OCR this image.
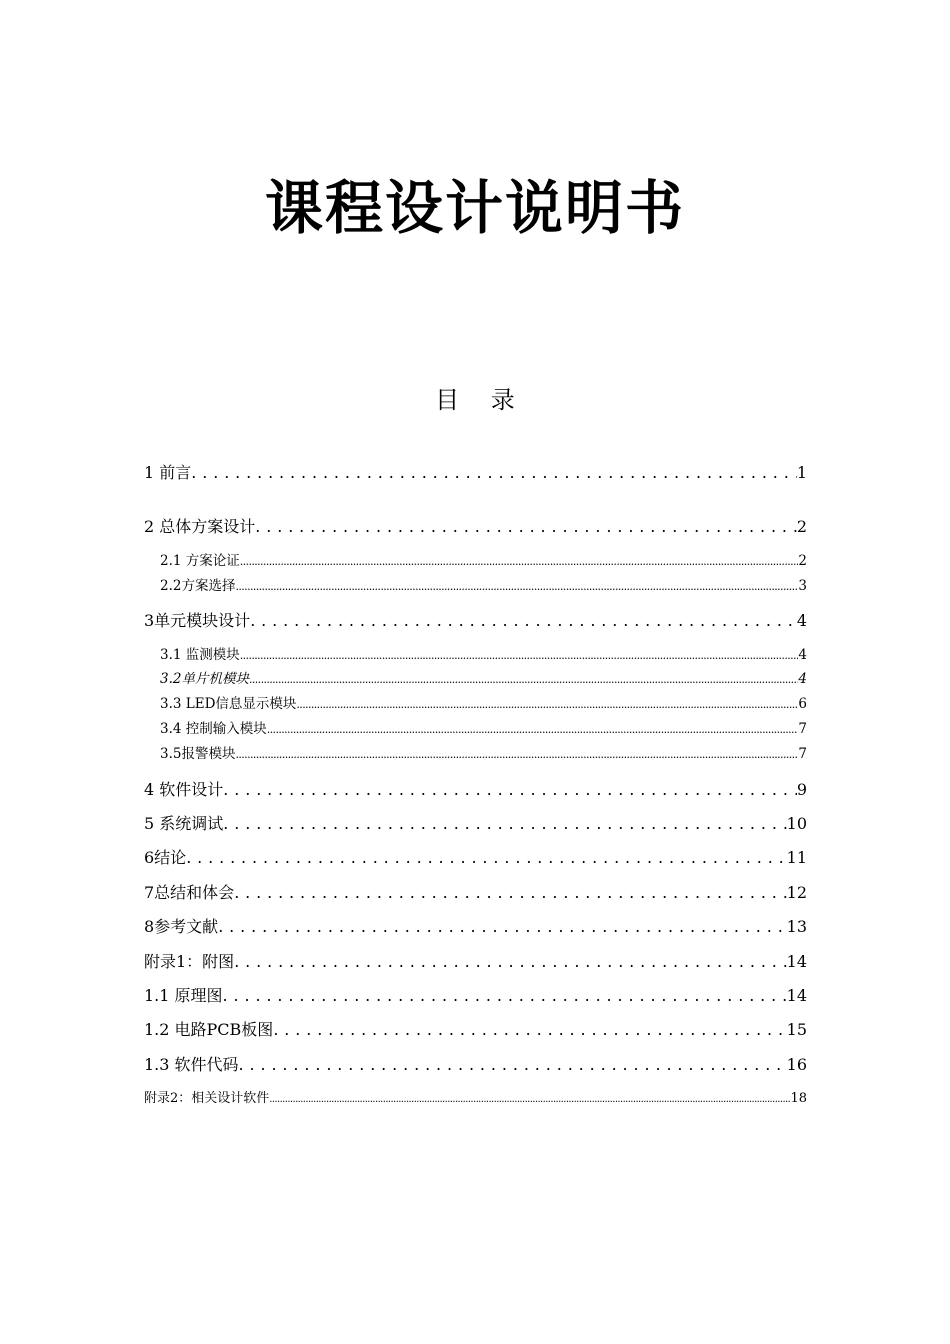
课程设计说明书
目 录
1 前言 . . .	1
2 总体方案设计 . . .	2
2.1 方案论证 .....	2
2.2方案选择 .....	3
3单元模块设计 . . .	4
3.1 监测模块 .....	4
3.2单片机模块 .....	4
3.3 LED信息显示模块 .....	6
3.4 控制输入模块 .....	7
3.5报警模块 .....	7
4 软件设计 . . .	9
5 系统调试 . . .	10
6结论 . . .	11
7总结和体会 . . .	12
8参考文献 . . .	13
附录1：附图 . . .	14
1.1 原理图 . . .	14
1.2 电路PCB板图 . . .	15
1.3 软件代码 . . .	16
附录2：相关设计软件 .....	18
